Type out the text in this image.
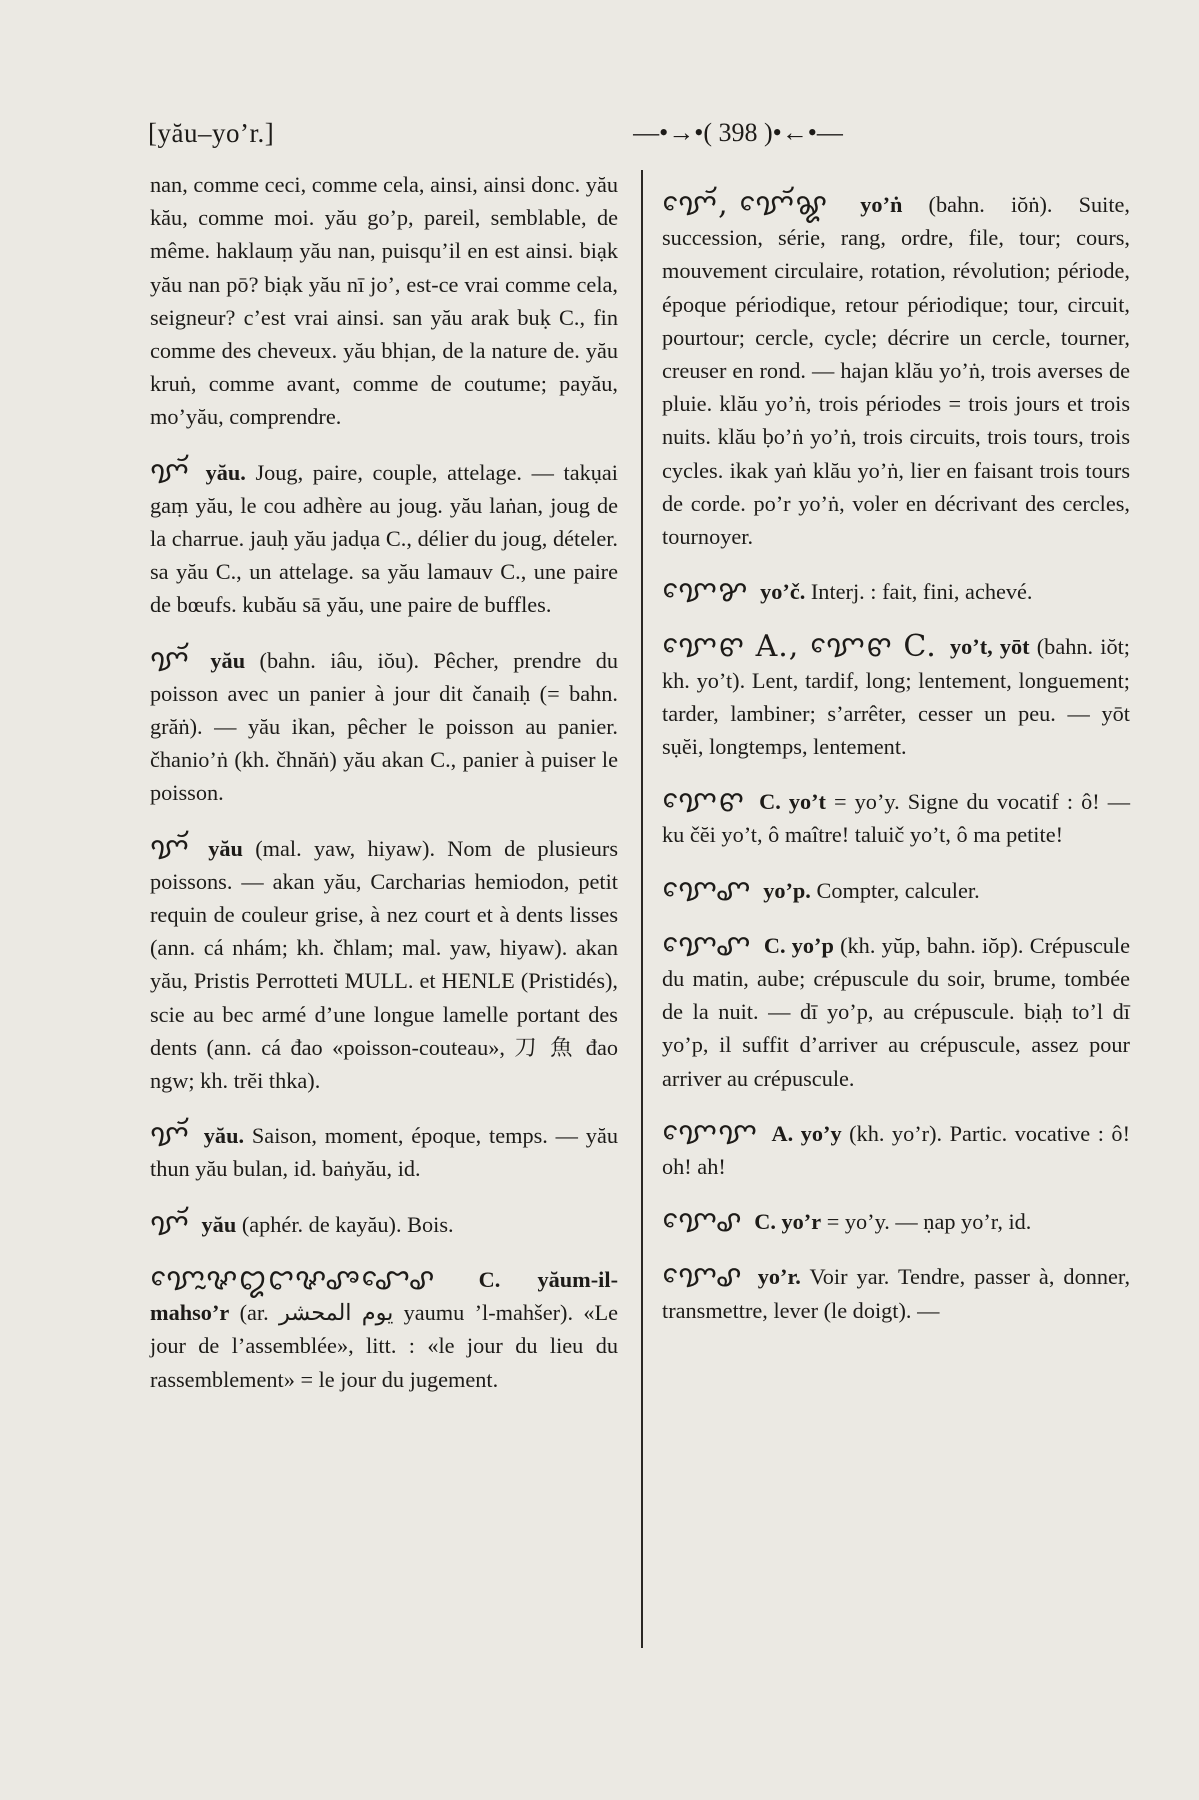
[yău–yo’r.]	—•→•( 398 )•←•—

nan, comme ceci, comme cela, ainsi, ainsi donc. yău kău, comme moi. yău go’p, pareil, semblable, de même. haklauṃ yău nan, puisqu’il en est ainsi. biạk yău nan pō? biạk yău nī jo’, est-ce vrai comme cela, seigneur? c’est vrai ainsi. san yău arak buḳ C., fin comme des cheveux. yău bhịan, de la nature de. yău kruṅ, comme avant, comme de coutume; payău, mo’yău, comprendre.

ꨢꨮ yău. Joug, paire, couple, attelage. — takụai gaṃ yău, le cou adhère au joug. yău laṅan, joug de la charrue. jauḥ yău jadụa C., délier du joug, dételer. sa yău C., un attelage. sa yău lamauv C., une paire de bœufs. kubău sā yău, une paire de buffles.

ꨢꨮ yău (bahn. iâu, iŏu). Pêcher, prendre du poisson avec un panier à jour dit čanaiḥ (= bahn. grăṅ). — yău ikan, pêcher le poisson au panier. čhanio’ṅ (kh. čhnăṅ) yău akan C., panier à puiser le poisson.

ꨢꨮ yău (mal. yaw, hiyaw). Nom de plusieurs poissons. — akan yău, Carcharias hemiodon, petit requin de couleur grise, à nez court et à dents lisses (ann. cá nhám; kh. čhlam; mal. yaw, hiyaw). akan yău, Pristis Perrotteti MULL. et HENLE (Pristidés), scie au bec armé d’une longue lamelle portant des dents (ann. cá đao «poisson-couteau», 刀 魚 đao ngw; kh. trĕi thka).

ꨢꨮ yău. Saison, moment, époque, temps. — yău thun yău bulan, id. baṅyău, id.

ꨢꨮ yău (aphér. de kayău). Bois.

ꨢꨯꨭꨟꨁꨤꨟꨨꨧꨯꨣ C. yăum-il-mahso’r (ar. يوم المحشر yaumu ’l-mahšer). «Le jour de l’assemblée», litt. : «le jour du lieu du rassemblement» = le jour du jugement.

ꨢꨯꨮ, ꨢꨯꨮꨘ yo’ṅ (bahn. iŏṅ). Suite, succession, série, rang, ordre, file, tour; cours, mouvement circulaire, rotation, révolution; période, époque périodique, retour périodique; tour, circuit, pourtour; cercle, cycle; décrire un cercle, tourner, creuser en rond. — hajan klău yo’ṅ, trois averses de pluie. klău yo’ṅ, trois périodes = trois jours et trois nuits. klău ḅo’ṅ yo’ṅ, trois circuits, trois tours, trois cycles. ikak yaṅ klău yo’ṅ, lier en faisant trois tours de corde. po’r yo’ṅ, voler en décrivant des cercles, tournoyer.

ꨢꨯꨌ yo’č. Interj. : fait, fini, achevé.

ꨢꨯꨓ A., ꨢꨯꨓ C. yo’t, yōt (bahn. iŏt; kh. yo’t). Lent, tardif, long; lentement, longuement; tarder, lambiner; s’arrêter, cesser un peu. — yōt sụĕi, longtemps, lentement.

ꨢꨯꨓ C. yo’t = yo’y. Signe du vocatif : ô! — ku čĕi yo’t, ô maître! taluič yo’t, ô ma petite!

ꨢꨯꨚ yo’p. Compter, calculer.

ꨢꨯꨚ C. yo’p (kh. yŭp, bahn. iŏp). Crépuscule du matin, aube; crépuscule du soir, brume, tombée de la nuit. — dī yo’p, au crépuscule. biạḥ to’l dī yo’p, il suffit d’arriver au crépuscule, assez pour arriver au crépuscule.

ꨢꨯꨢ A. yo’y (kh. yo’r). Partic. vocative : ô! oh! ah!

ꨢꨯꨣ C. yo’r = yo’y. — ṇap yo’r, id.

ꨢꨯꨣ yo’r. Voir yar. Tendre, passer à, donner, transmettre, lever (le doigt). —
